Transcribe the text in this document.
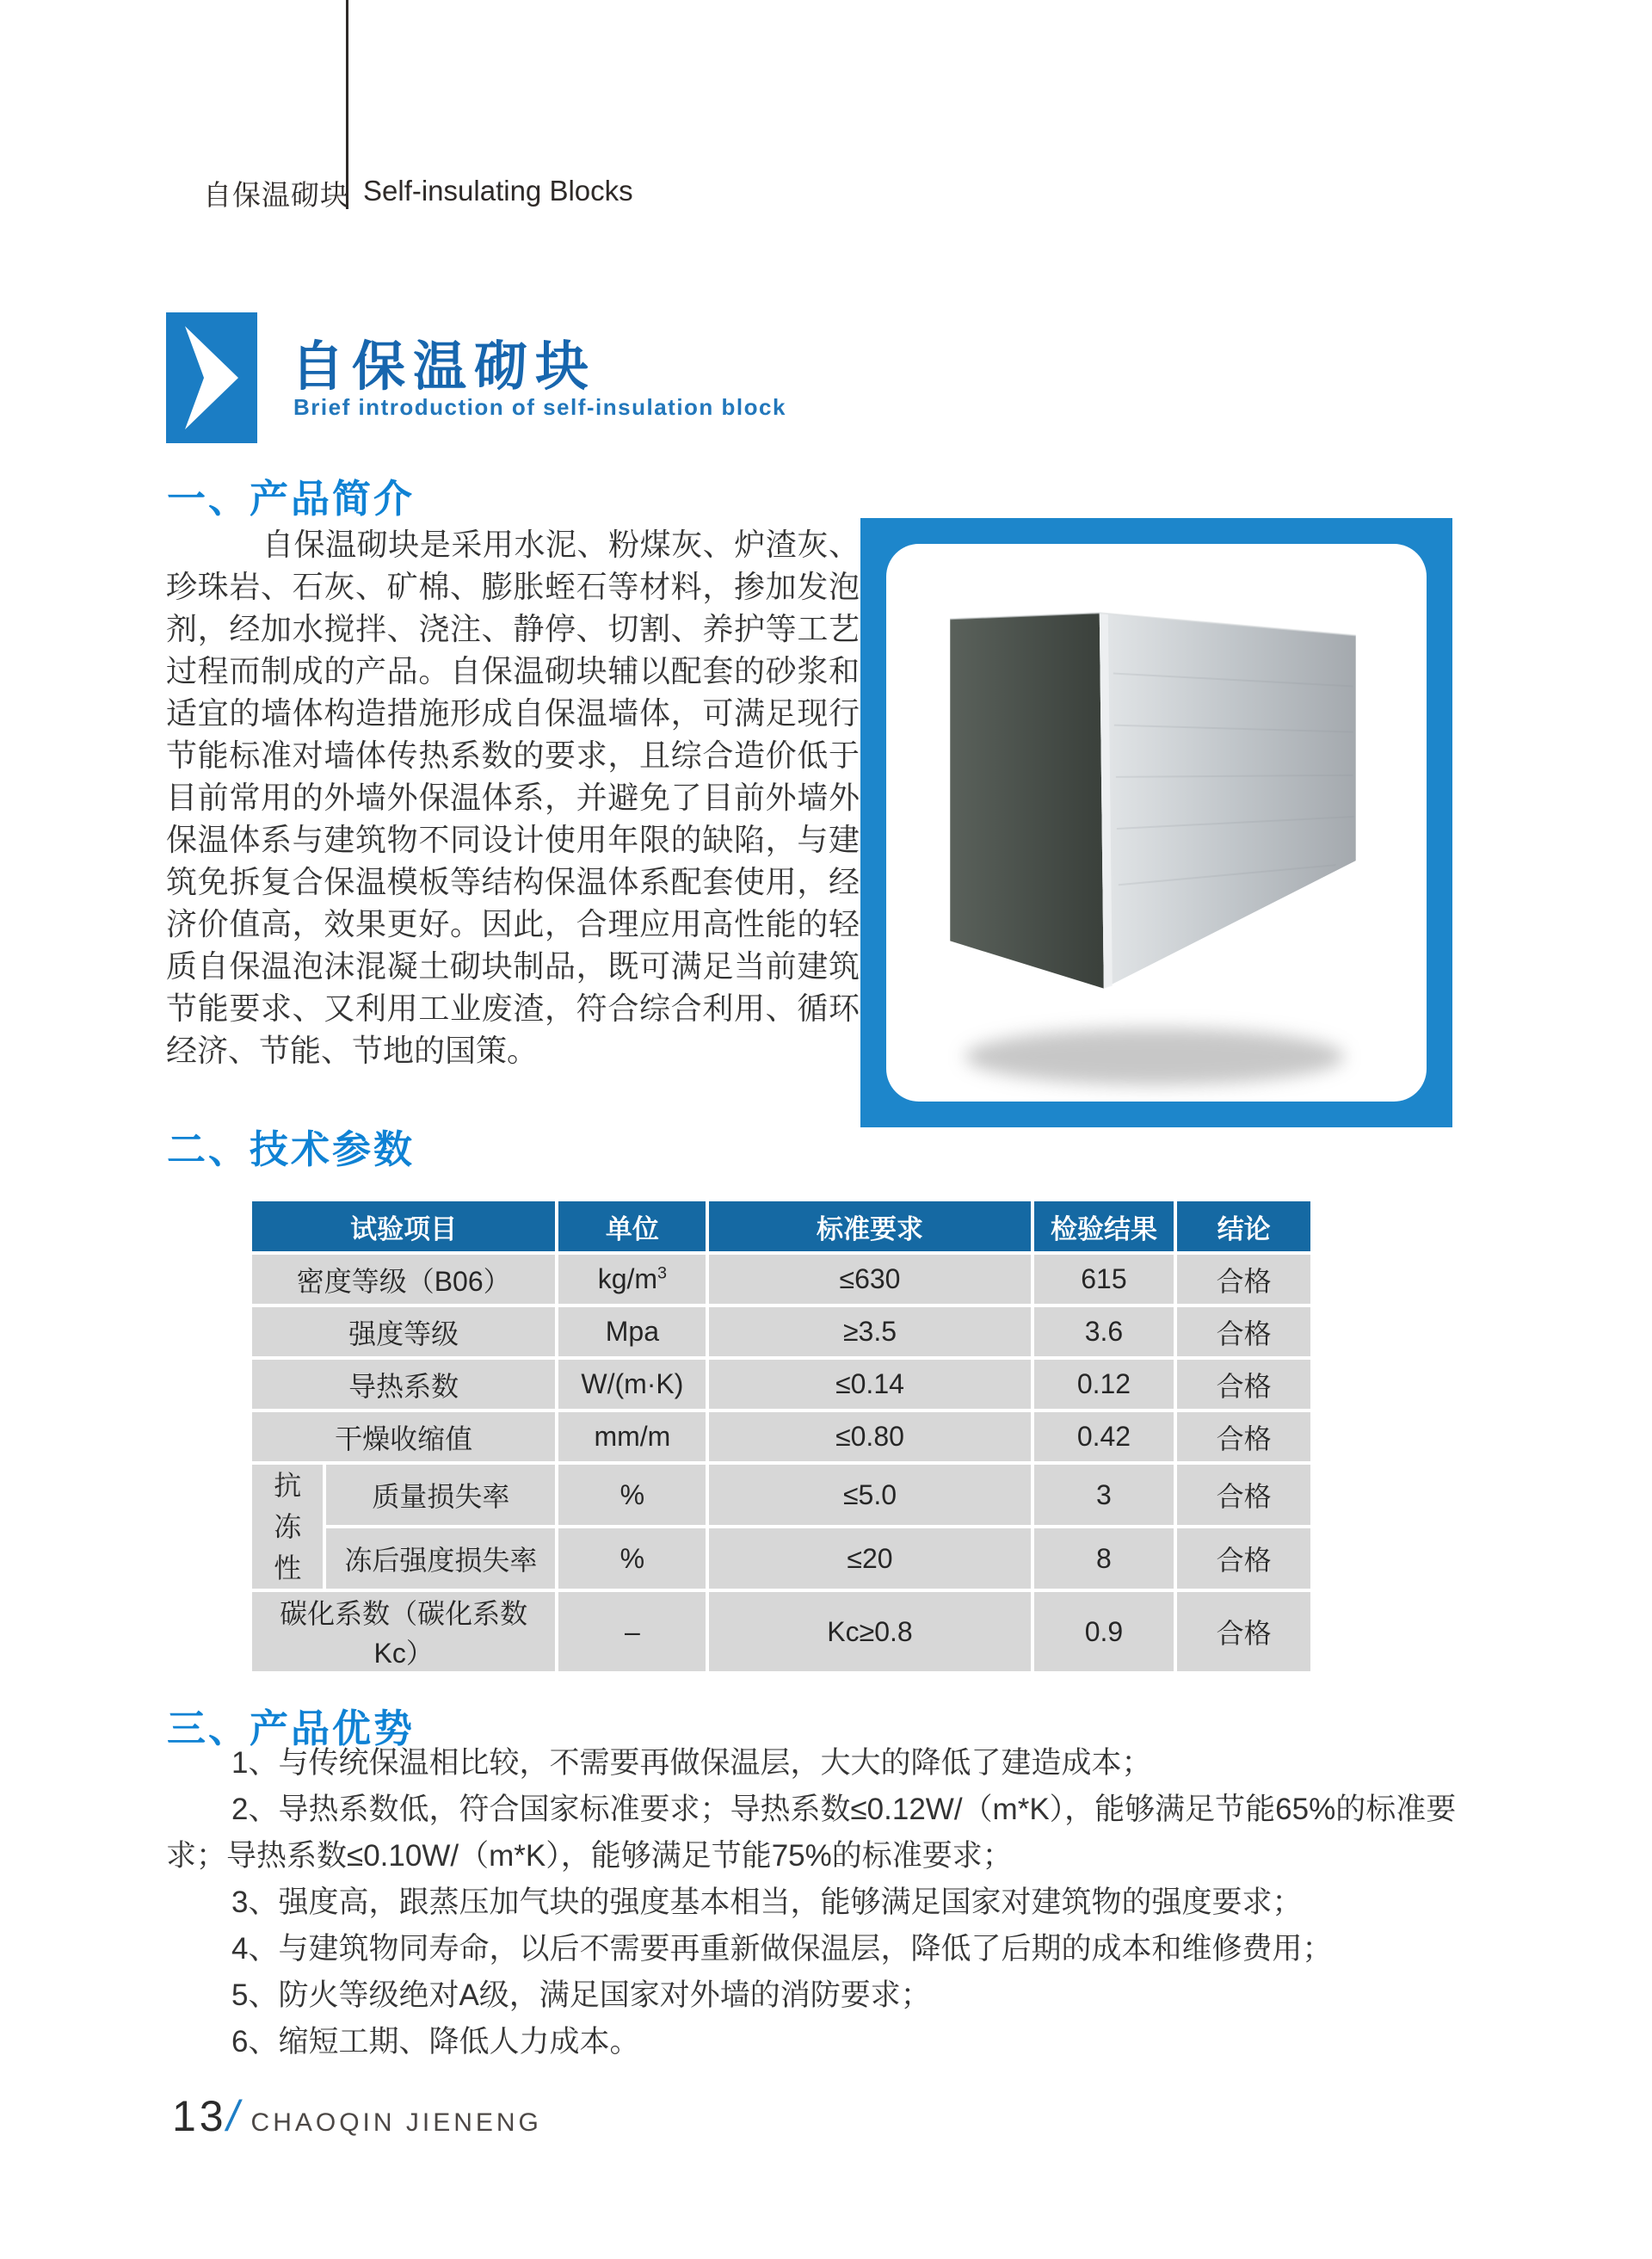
自保温砌块 Self-insulating Blocks
自保温砌块
Brief introduction of self-insulation block
一、产品简介
自保温砌块是采用水泥、粉煤灰、炉渣灰、珍珠岩、石灰、矿棉、膨胀蛭石等材料，掺加发泡剂，经加水搅拌、浇注、静停、切割、养护等工艺过程而制成的产品。自保温砌块辅以配套的砂浆和适宜的墙体构造措施形成自保温墙体，可满足现行节能标准对墙体传热系数的要求，且综合造价低于目前常用的外墙外保温体系，并避免了目前外墙外保温体系与建筑物不同设计使用年限的缺陷，与建筑免拆复合保温模板等结构保温体系配套使用，经济价值高，效果更好。因此，合理应用高性能的轻质自保温泡沫混凝土砌块制品，既可满足当前建筑节能要求、又利用工业废渣，符合综合利用、循环经济、节能、节地的国策。
二、技术参数
试验项目		单位	标准要求	检验结果	结论
密度等级（B06）		$kg/m^3$	≤630	615	合格
强度等级		Mpa	≥3.5	3.6	合格
导热系数		W/(m·K)	≤0.14	0.12	合格
干燥收缩值		mm/m	≤0.80	0.42	合格
抗冻性	质量损失率	%	≤5.0	3	合格
	冻后强度损失率	%	≤20	8	合格
碳化系数（碳化系数Kc）		–	Kc≥0.8	0.9	合格
三、产品优势

1、与传统保温相比较，不需要再做保温层，大大的降低了建造成本；

2、导热系数低，符合国家标准要求；导热系数≤0.12W/（m*K），能够满足节能65%的标准要求；导热系数≤0.10W/（m*K），能够满足节能75%的标准要求；

3、强度高，跟蒸压加气块的强度基本相当，能够满足国家对建筑物的强度要求；

4、与建筑物同寿命，以后不需要再重新做保温层，降低了后期的成本和维修费用；

5、防火等级绝对A级，满足国家对外墙的消防要求；

6、缩短工期、降低人力成本。

13/ CHAOQIN JIENENG
